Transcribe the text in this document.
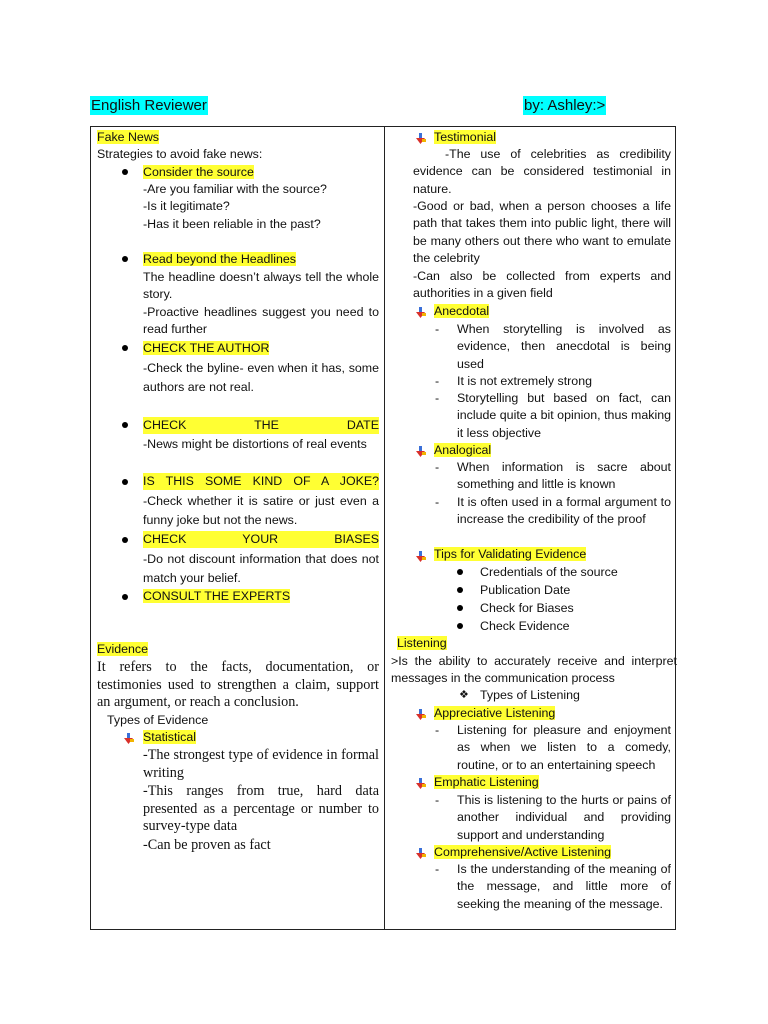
English Reviewer	by: Ashley:>
Fake News
Strategies to avoid fake news:
Consider the source
-Are you familiar with the source?
-Is it legitimate?
-Has it been reliable in the past?
Read beyond the Headlines
The headline doesn’t always tell the whole story.
-Proactive headlines suggest you need to read further
CHECK THE AUTHOR
-Check the byline- even when it has, some authors are not real.
CHECK THE DATE
-News might be distortions of real events
IS THIS SOME KIND OF A JOKE?
-Check whether it is satire or just even a funny joke but not the news.
CHECK YOUR BIASES
-Do not discount information that does not match your belief.
CONSULT THE EXPERTS
Evidence
It refers to the facts, documentation, or testimonies used to strengthen a claim, support an argument, or reach a conclusion.
Types of Evidence
Statistical
-The strongest type of evidence in formal writing
-This ranges from true, hard data presented as a percentage or number to survey-type data
-Can be proven as fact
Testimonial
-The use of celebrities as credibility evidence can be considered testimonial in nature.
-Good or bad, when a person chooses a life path that takes them into public light, there will be many others out there who want to emulate the celebrity
-Can also be collected from experts and authorities in a given field
Anecdotal
- When storytelling is involved as evidence, then anecdotal is being used
- It is not extremely strong
- Storytelling but based on fact, can include quite a bit opinion, thus making it less objective
Analogical
- When information is sacre about something and little is known
- It is often used in a formal argument to increase the credibility of the proof
Tips for Validating Evidence
Credentials of the source
Publication Date
Check for Biases
Check Evidence
Listening
>Is the ability to accurately receive and interpret messages in the communication process
❖ Types of Listening
Appreciative Listening
- Listening for pleasure and enjoyment as when we listen to a comedy, routine, or to an entertaining speech
Emphatic Listening
- This is listening to the hurts or pains of another individual and providing support and understanding
Comprehensive/Active Listening
- Is the understanding of the meaning of the message, and little more of seeking the meaning of the message.
